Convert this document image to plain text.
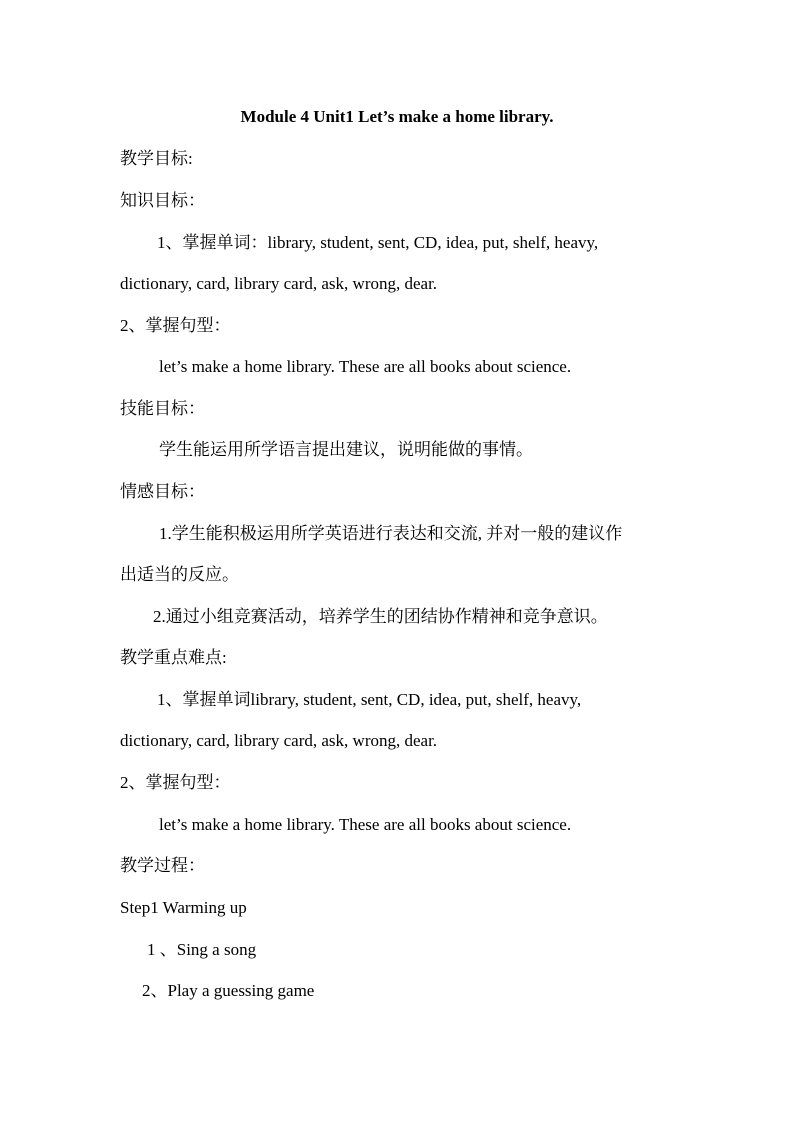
Module 4 Unit1 Let’s make a home library.
教学目标:
知识目标：
1、掌握单词：library, student, sent, CD, idea, put, shelf, heavy,
dictionary, card, library card, ask, wrong, dear.
2、掌握句型：
let’s make a home library. These are all books about science.
技能目标：
学生能运用所学语言提出建议，说明能做的事情。
情感目标：
1.学生能积极运用所学英语进行表达和交流, 并对一般的建议作
出适当的反应。
2.通过小组竞赛活动，培养学生的团结协作精神和竞争意识。
教学重点难点:
1、掌握单词library, student, sent, CD, idea, put, shelf, heavy,
dictionary, card, library card, ask, wrong, dear.
2、掌握句型：
let’s make a home library. These are all books about science.
教学过程：
Step1 Warming up
1 、Sing a song
2、Play a guessing game
